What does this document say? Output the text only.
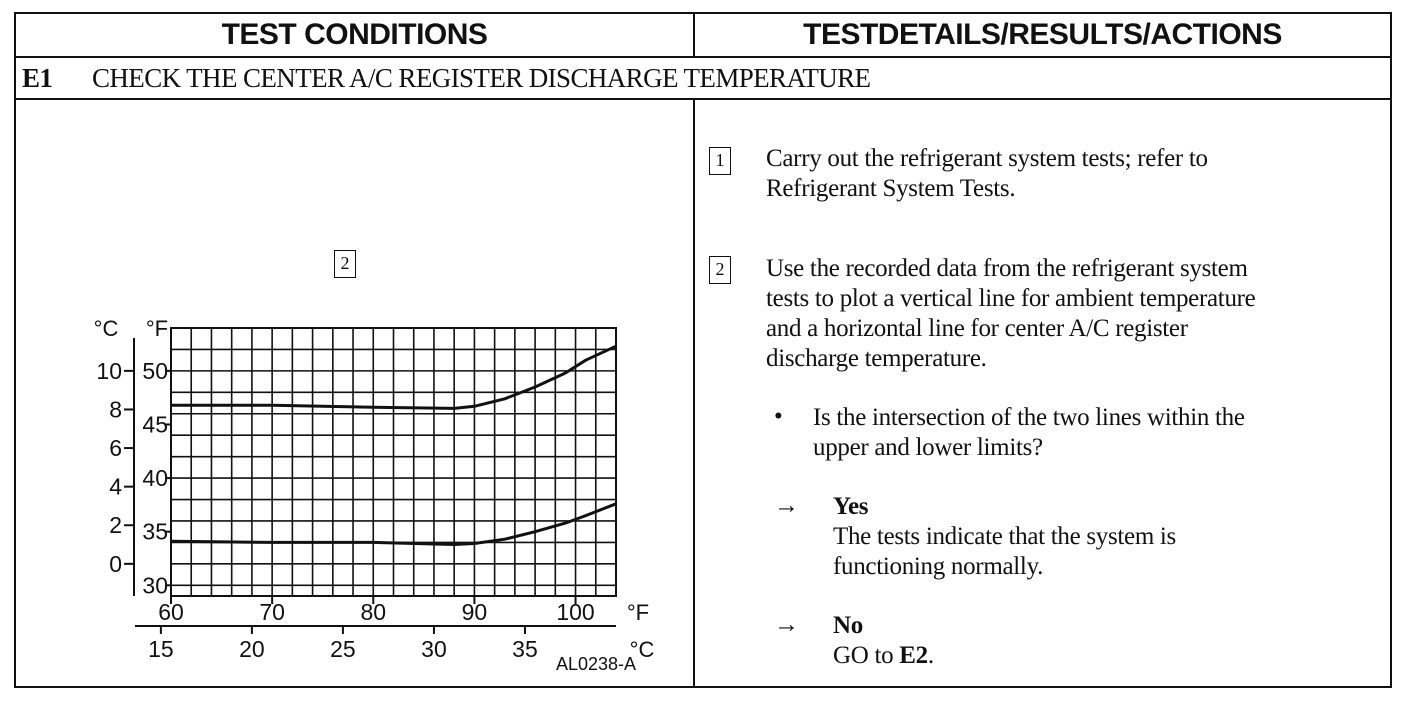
TEST CONDITIONS	TESTDETAILS/RESULTS/ACTIONS
E1	CHECK THE CENTER A/C REGISTER DISCHARGE TEMPERATURE
2
0
2
4
6
8
10
°C
30
35
40
45
50
°F
60	70	80	90	100 °F
15	20	25	30	35	°C
1 Carry out the refrigerant system tests; refer to
Refrigerant System Tests.
2 Use the recorded data from the refrigerant system
tests to plot a vertical line for ambient temperature
and a horizontal line for center A/C register
discharge temperature.
• Is the intersection of the two lines within the
upper and lower limits?
→ Yes
The tests indicate that the system is
functioning normally.
→ No
GO to E2.
AL0238-A
